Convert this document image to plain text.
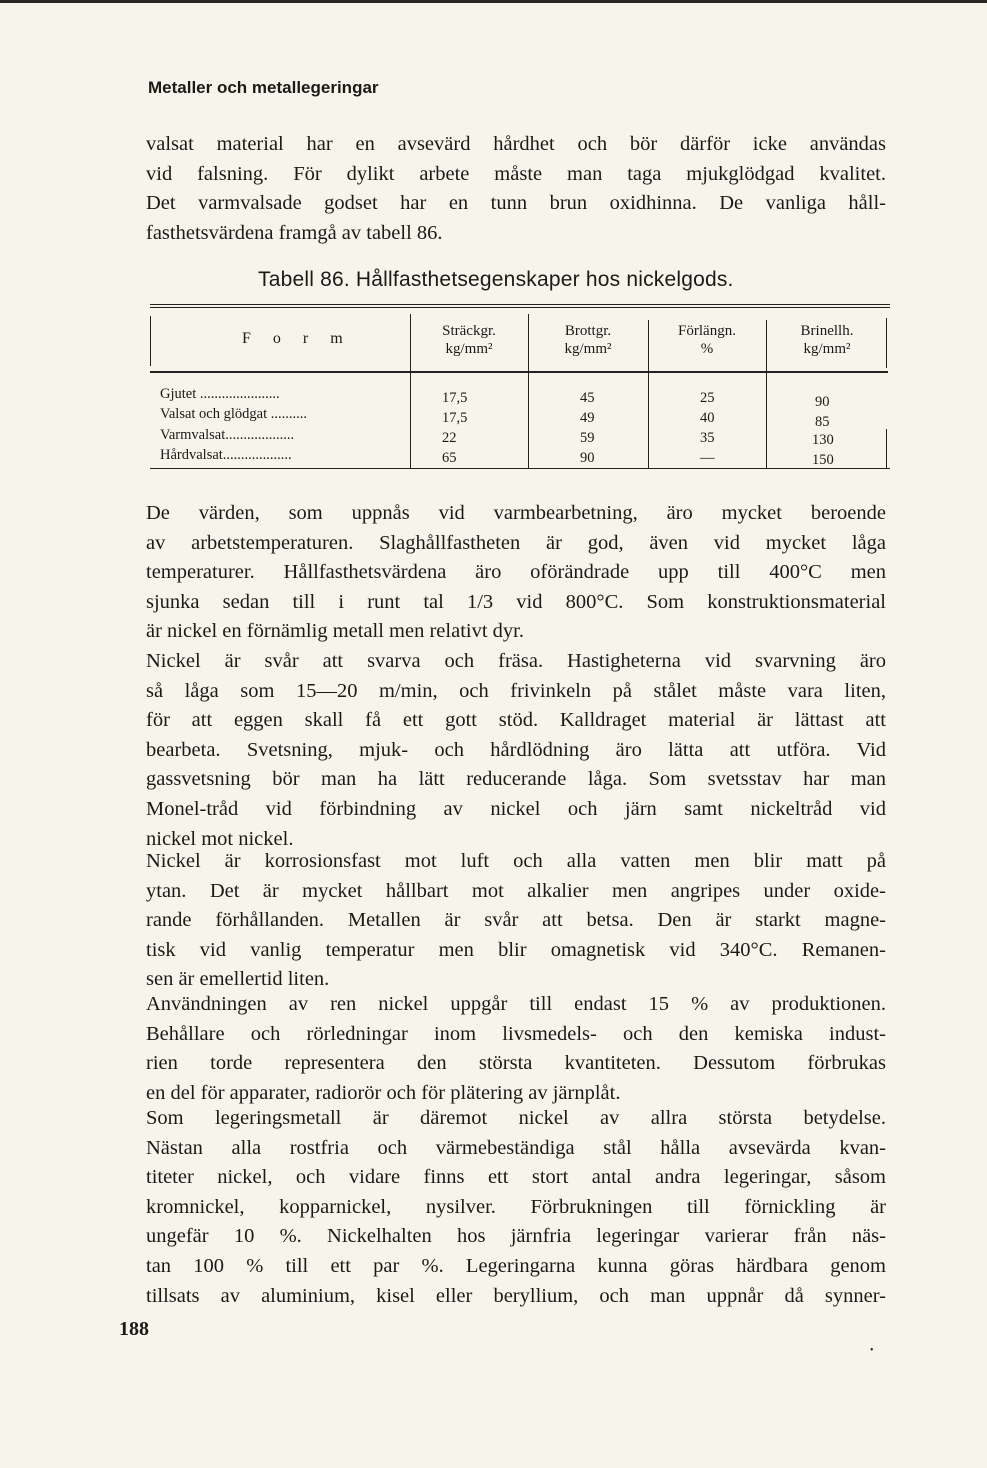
Metaller och metallegeringar
valsat material har en avsevärd hårdhet och bör därför icke användas
vid falsning. För dylikt arbete måste man taga mjukglödgad kvalitet.
Det varmvalsade godset har en tunn brun oxidhinna. De vanliga håll-
fasthetsvärdena framgå av tabell 86.
Tabell 86. Hållfasthetsegenskaper hos nickelgods.
F o r m	Sträckgr.
kg/mm²
Brottgr.
kg/mm²
Förlängn.
%
Brinellh.
kg/mm²
Gjutet ......................
Valsat och glödgat ..........
Varmvalsat...................
Hårdvalsat...................
17,5
17,5
22
65
45
49
59
90
25
40
35
—
90
85
130
150
De värden, som uppnås vid varmbearbetning, äro mycket beroende
av arbetstemperaturen. Slaghållfastheten är god, även vid mycket låga
temperaturer. Hållfasthetsvärdena äro oförändrade upp till 400°C men
sjunka sedan till i runt tal 1/3 vid 800°C. Som konstruktionsmaterial
är nickel en förnämlig metall men relativt dyr.
Nickel är svår att svarva och fräsa. Hastigheterna vid svarvning äro
så låga som 15—20 m/min, och frivinkeln på stålet måste vara liten,
för att eggen skall få ett gott stöd. Kalldraget material är lättast att
bearbeta. Svetsning, mjuk- och hårdlödning äro lätta att utföra. Vid
gassvetsning bör man ha lätt reducerande låga. Som svetsstav har man
Monel-tråd vid förbindning av nickel och järn samt nickeltråd vid
nickel mot nickel.
Nickel är korrosionsfast mot luft och alla vatten men blir matt på
ytan. Det är mycket hållbart mot alkalier men angripes under oxide-
rande förhållanden. Metallen är svår att betsa. Den är starkt magne-
tisk vid vanlig temperatur men blir omagnetisk vid 340°C. Remanen-
sen är emellertid liten.
Användningen av ren nickel uppgår till endast 15 % av produktionen.
Behållare och rörledningar inom livsmedels- och den kemiska indust-
rien torde representera den största kvantiteten. Dessutom förbrukas
en del för apparater, radiorör och för plätering av järnplåt.
Som legeringsmetall är däremot nickel av allra största betydelse.
Nästan alla rostfria och värmebeständiga stål hålla avsevärda kvan-
titeter nickel, och vidare finns ett stort antal andra legeringar, såsom
kromnickel, kopparnickel, nysilver. Förbrukningen till förnickling är
ungefär 10 %. Nickelhalten hos järnfria legeringar varierar från näs-
tan 100 % till ett par %. Legeringarna kunna göras härdbara genom
tillsats av aluminium, kisel eller beryllium, och man uppnår då synner-
188
•
